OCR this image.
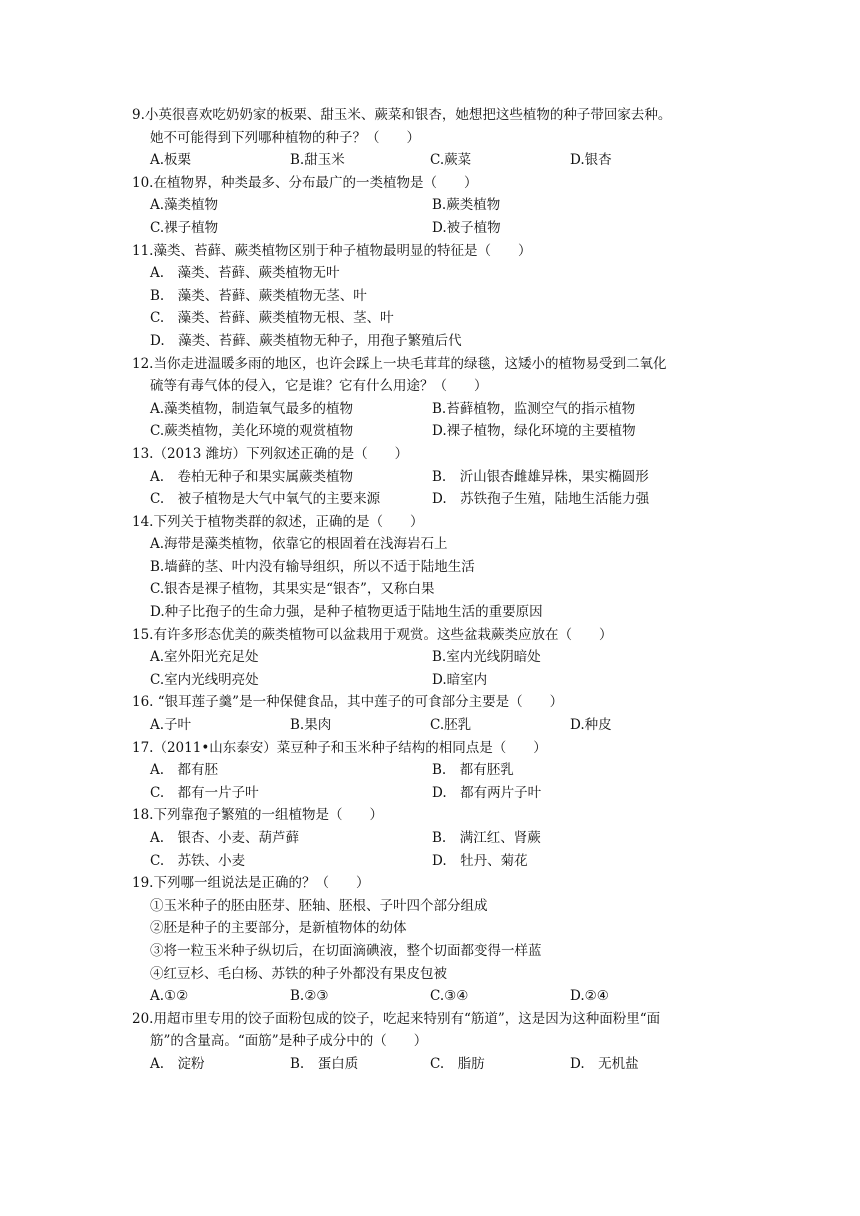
9.小英很喜欢吃奶奶家的板栗、甜玉米、蕨菜和银杏，她想把这些植物的种子带回家去种。
她不可能得到下列哪种植物的种子？（　　）
A.板栗	B.甜玉米	C.蕨菜	D.银杏
10.在植物界，种类最多、分布最广的一类植物是（　　）
A.藻类植物	B.蕨类植物
C.裸子植物	D.被子植物
11.藻类、苔藓、蕨类植物区别于种子植物最明显的特征是（　　）
A.　藻类、苔藓、蕨类植物无叶
B.　藻类、苔藓、蕨类植物无茎、叶
C.　藻类、苔藓、蕨类植物无根、茎、叶
D.　藻类、苔藓、蕨类植物无种子，用孢子繁殖后代
12.当你走进温暖多雨的地区，也许会踩上一块毛茸茸的绿毯，这矮小的植物易受到二氧化
硫等有毒气体的侵入，它是谁？它有什么用途？（　　）
A.藻类植物，制造氧气最多的植物	B.苔藓植物，监测空气的指示植物
C.蕨类植物，美化环境的观赏植物	D.裸子植物，绿化环境的主要植物
13.（2013 潍坊）下列叙述正确的是（　　）
A.　卷柏无种子和果实属蕨类植物	B.　沂山银杏雌雄异株，果实椭圆形
C.　被子植物是大气中氧气的主要来源	D.　苏铁孢子生殖，陆地生活能力强
14.下列关于植物类群的叙述，正确的是（　　）
A.海带是藻类植物，依靠它的根固着在浅海岩石上
B.墙藓的茎、叶内没有输导组织，所以不适于陆地生活
C.银杏是裸子植物，其果实是“银杏”，又称白果
D.种子比孢子的生命力强，是种子植物更适于陆地生活的重要原因
15.有许多形态优美的蕨类植物可以盆栽用于观赏。这些盆栽蕨类应放在（　　）
A.室外阳光充足处	B.室内光线阴暗处
C.室内光线明亮处	D.暗室内
16. “银耳莲子羹”是一种保健食品，其中莲子的可食部分主要是（　　）
A.子叶	B.果肉	C.胚乳	D.种皮
17.（2011•山东泰安）菜豆种子和玉米种子结构的相同点是（　　）
A.　都有胚	B.　都有胚乳
C.　都有一片子叶	D.　都有两片子叶
18.下列靠孢子繁殖的一组植物是（　　）
A.　银杏、小麦、葫芦藓	B.　满江红、肾蕨
C.　苏铁、小麦	D.　牡丹、菊花
19.下列哪一组说法是正确的？（　　）
①玉米种子的胚由胚芽、胚轴、胚根、子叶四个部分组成
②胚是种子的主要部分，是新植物体的幼体
③将一粒玉米种子纵切后，在切面滴碘液，整个切面都变得一样蓝
④红豆杉、毛白杨、苏铁的种子外都没有果皮包被
A.①②	B.②③	C.③④	D.②④
20.用超市里专用的饺子面粉包成的饺子，吃起来特别有“筋道”，这是因为这种面粉里“面
筋”的含量高。“面筋”是种子成分中的（　　）
A.　淀粉	B.　蛋白质	C.　脂肪	D.　无机盐
